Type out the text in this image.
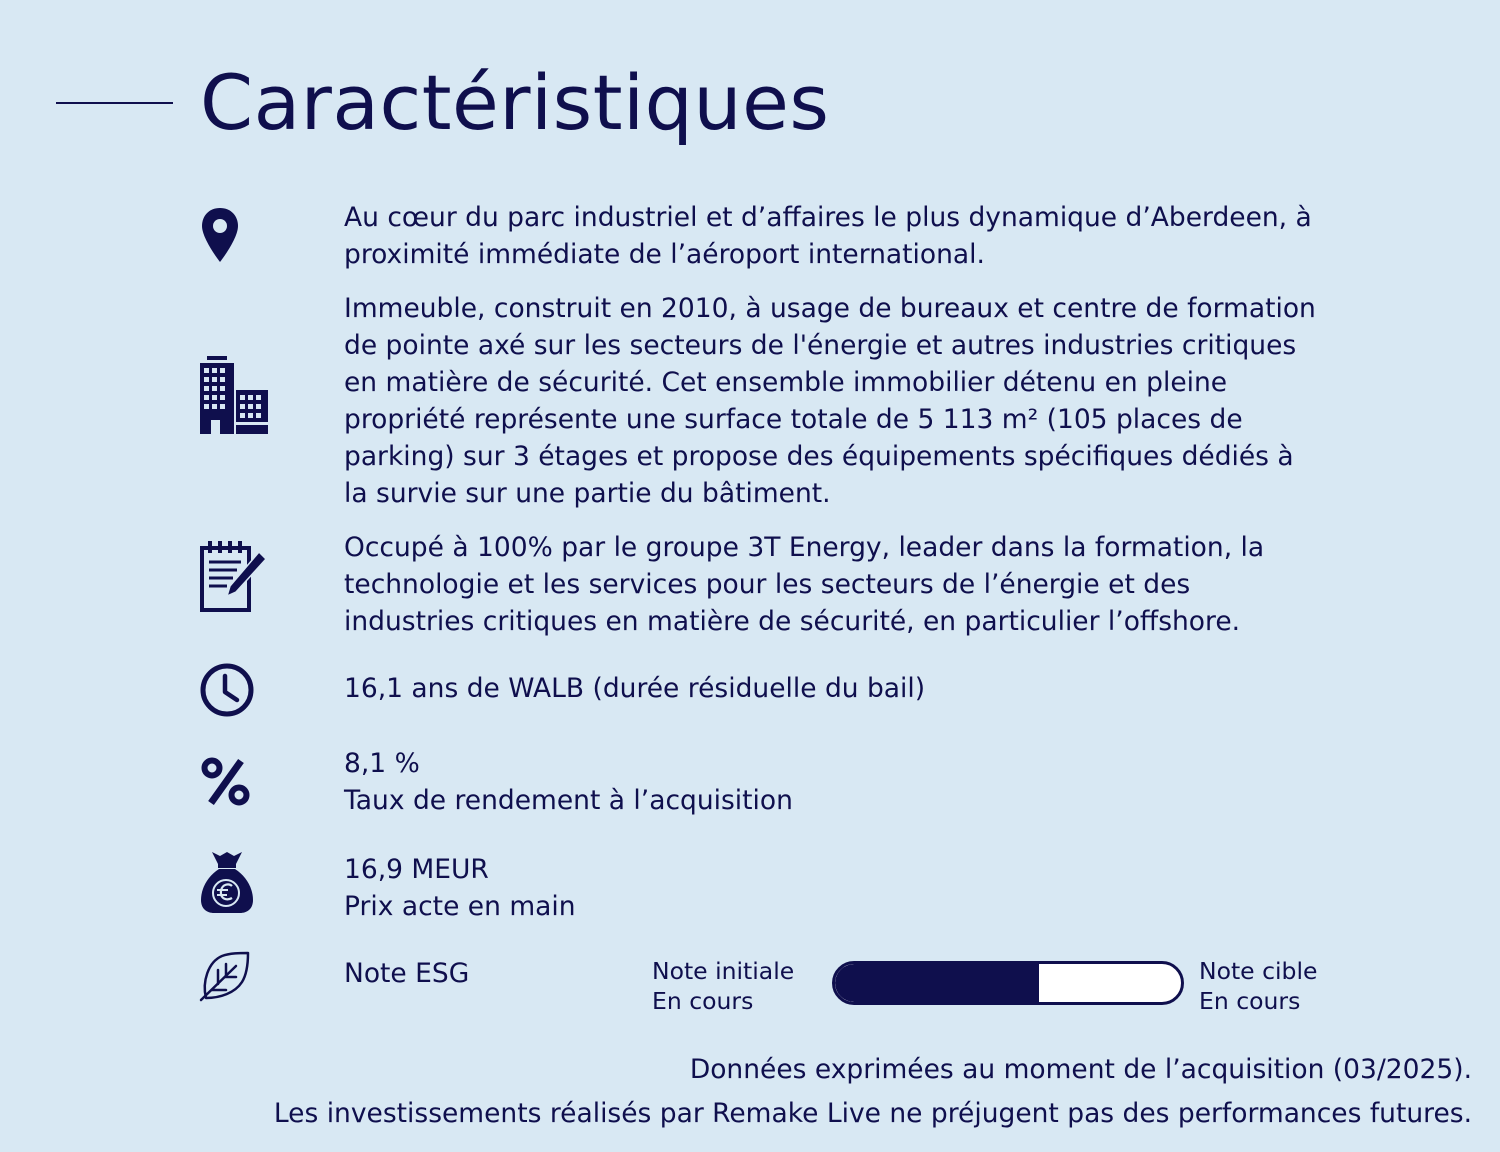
Caractéristiques
Au cœur du parc industriel et d’affaires le plus dynamique d’Aberdeen, à
proximité immédiate de l’aéroport international.
Immeuble, construit en 2010, à usage de bureaux et centre de formation
de pointe axé sur les secteurs de l'énergie et autres industries critiques
en matière de sécurité. Cet ensemble immobilier détenu en pleine
propriété représente une surface totale de 5 113 m² (105 places de
parking) sur 3 étages et propose des équipements spécifiques dédiés à
la survie sur une partie du bâtiment.
Occupé à 100% par le groupe 3T Energy, leader dans la formation, la
technologie et les services pour les secteurs de l’énergie et des
industries critiques en matière de sécurité, en particulier l’offshore.
16,1 ans de WALB (durée résiduelle du bail)
8,1 %
Taux de rendement à l’acquisition
16,9 MEUR
Prix acte en main
Note ESG	Note initiale
En cours
Note cible
En cours
Données exprimées au moment de l’acquisition (03/2025).
Les investissements réalisés par Remake Live ne préjugent pas des performances futures.
